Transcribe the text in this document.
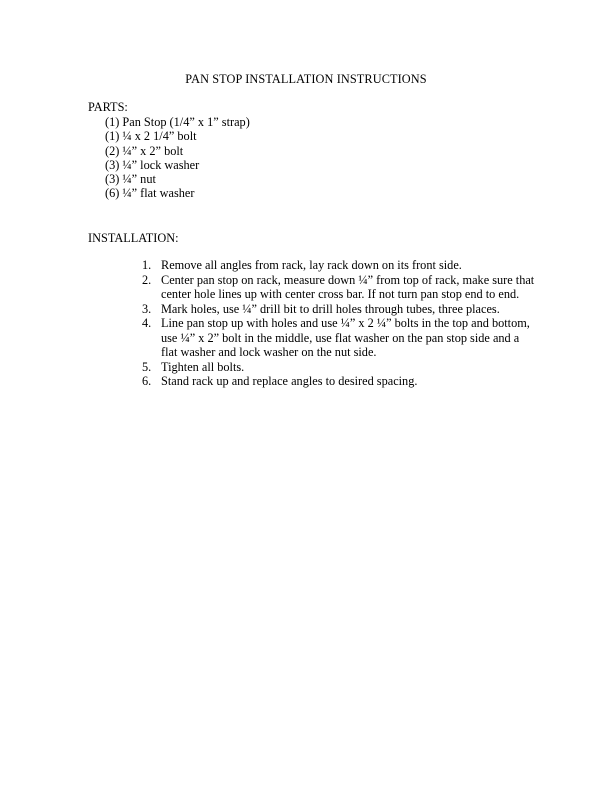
PAN STOP INSTALLATION INSTRUCTIONS
PARTS:
(1) Pan Stop (1/4” x 1” strap)
(1) ¼ x 2 1/4” bolt
(2) ¼” x 2” bolt
(3) ¼” lock washer
(3) ¼” nut
(6) ¼” flat washer
INSTALLATION:
1. Remove all angles from rack, lay rack down on its front side.
2. Center pan stop on rack, measure down ¼” from top of rack, make sure that center hole lines up with center cross bar. If not turn pan stop end to end.
3. Mark holes, use ¼” drill bit to drill holes through tubes, three places.
4. Line pan stop up with holes and use ¼” x 2 ¼” bolts in the top and bottom, use ¼” x 2” bolt in the middle, use flat washer on the pan stop side and a flat washer and lock washer on the nut side.
5. Tighten all bolts.
6. Stand rack up and replace angles to desired spacing.
